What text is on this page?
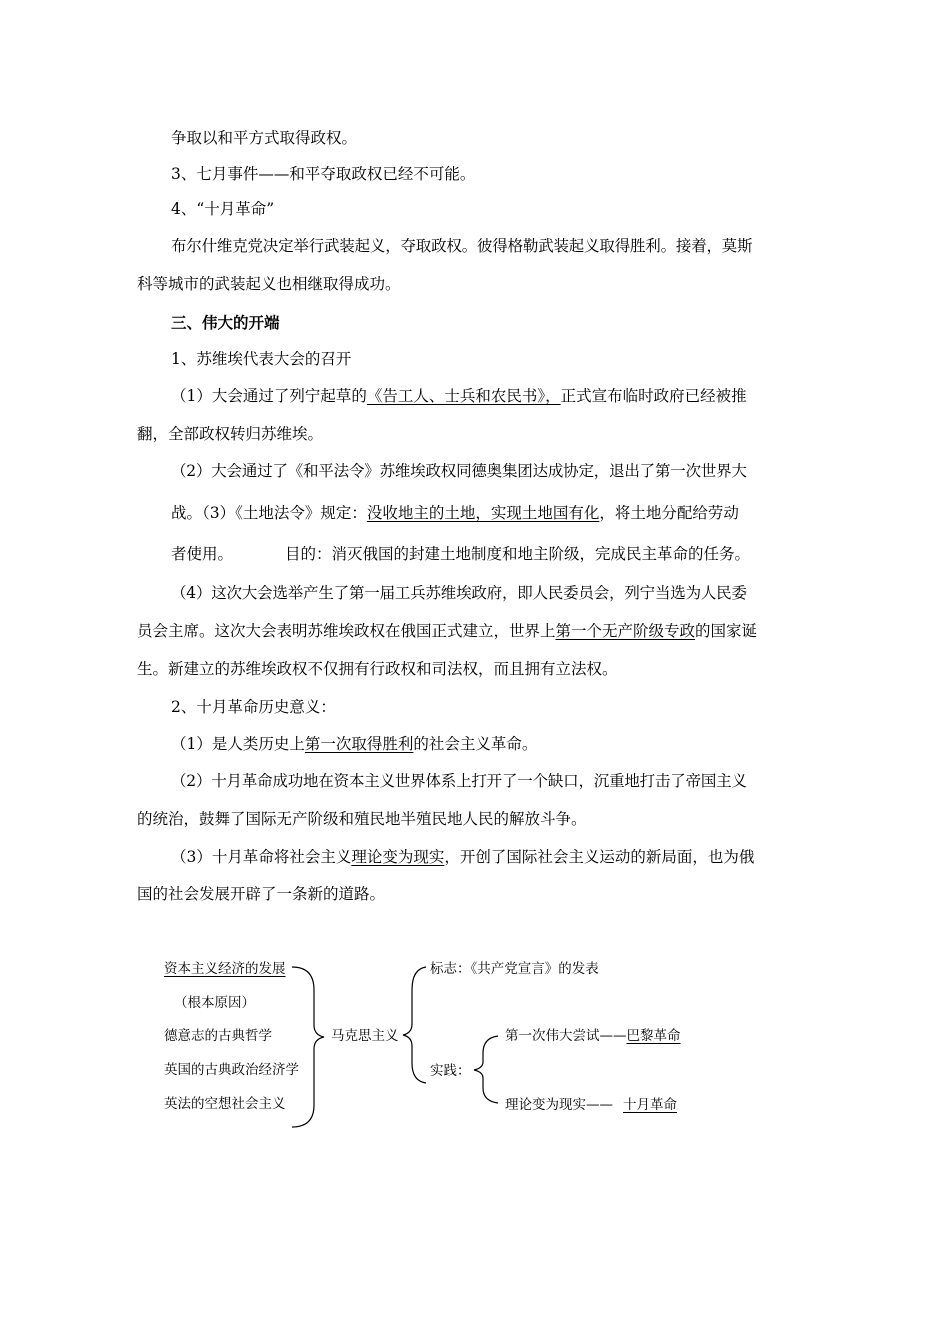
争取以和平方式取得政权。
3、七月事件——和平夺取政权已经不可能。
4、“十月革命”
布尔什维克党决定举行武装起义，夺取政权。彼得格勒武装起义取得胜利。接着，莫斯
科等城市的武装起义也相继取得成功。
三、伟大的开端
1、苏维埃代表大会的召开
（1）大会通过了列宁起草的《告工人、士兵和农民书》，正式宣布临时政府已经被推
翻，全部政权转归苏维埃。
（2）大会通过了《和平法令》苏维埃政权同德奥集团达成协定，退出了第一次世界大
战。（3）《土地法令》规定：没收地主的土地，实现土地国有化，将土地分配给劳动
者使用。	目的：消灭俄国的封建土地制度和地主阶级，完成民主革命的任务。
（4）这次大会选举产生了第一届工兵苏维埃政府，即人民委员会，列宁当选为人民委
员会主席。这次大会表明苏维埃政权在俄国正式建立，世界上第一个无产阶级专政的国家诞
生。新建立的苏维埃政权不仅拥有行政权和司法权，而且拥有立法权。
2、十月革命历史意义：
（1）是人类历史上第一次取得胜利的社会主义革命。
（2）十月革命成功地在资本主义世界体系上打开了一个缺口，沉重地打击了帝国主义
的统治，鼓舞了国际无产阶级和殖民地半殖民地人民的解放斗争。
（3）十月革命将社会主义理论变为现实，开创了国际社会主义运动的新局面，也为俄
国的社会发展开辟了一条新的道路。
资本主义经济的发展
（根本原因）
德意志的古典哲学
英国的古典政治经济学
英法的空想社会主义
马克思主义
标志：《共产党宣言》的发表
实践：
第一次伟大尝试——巴黎革命
理论变为现实—— 十月革命
